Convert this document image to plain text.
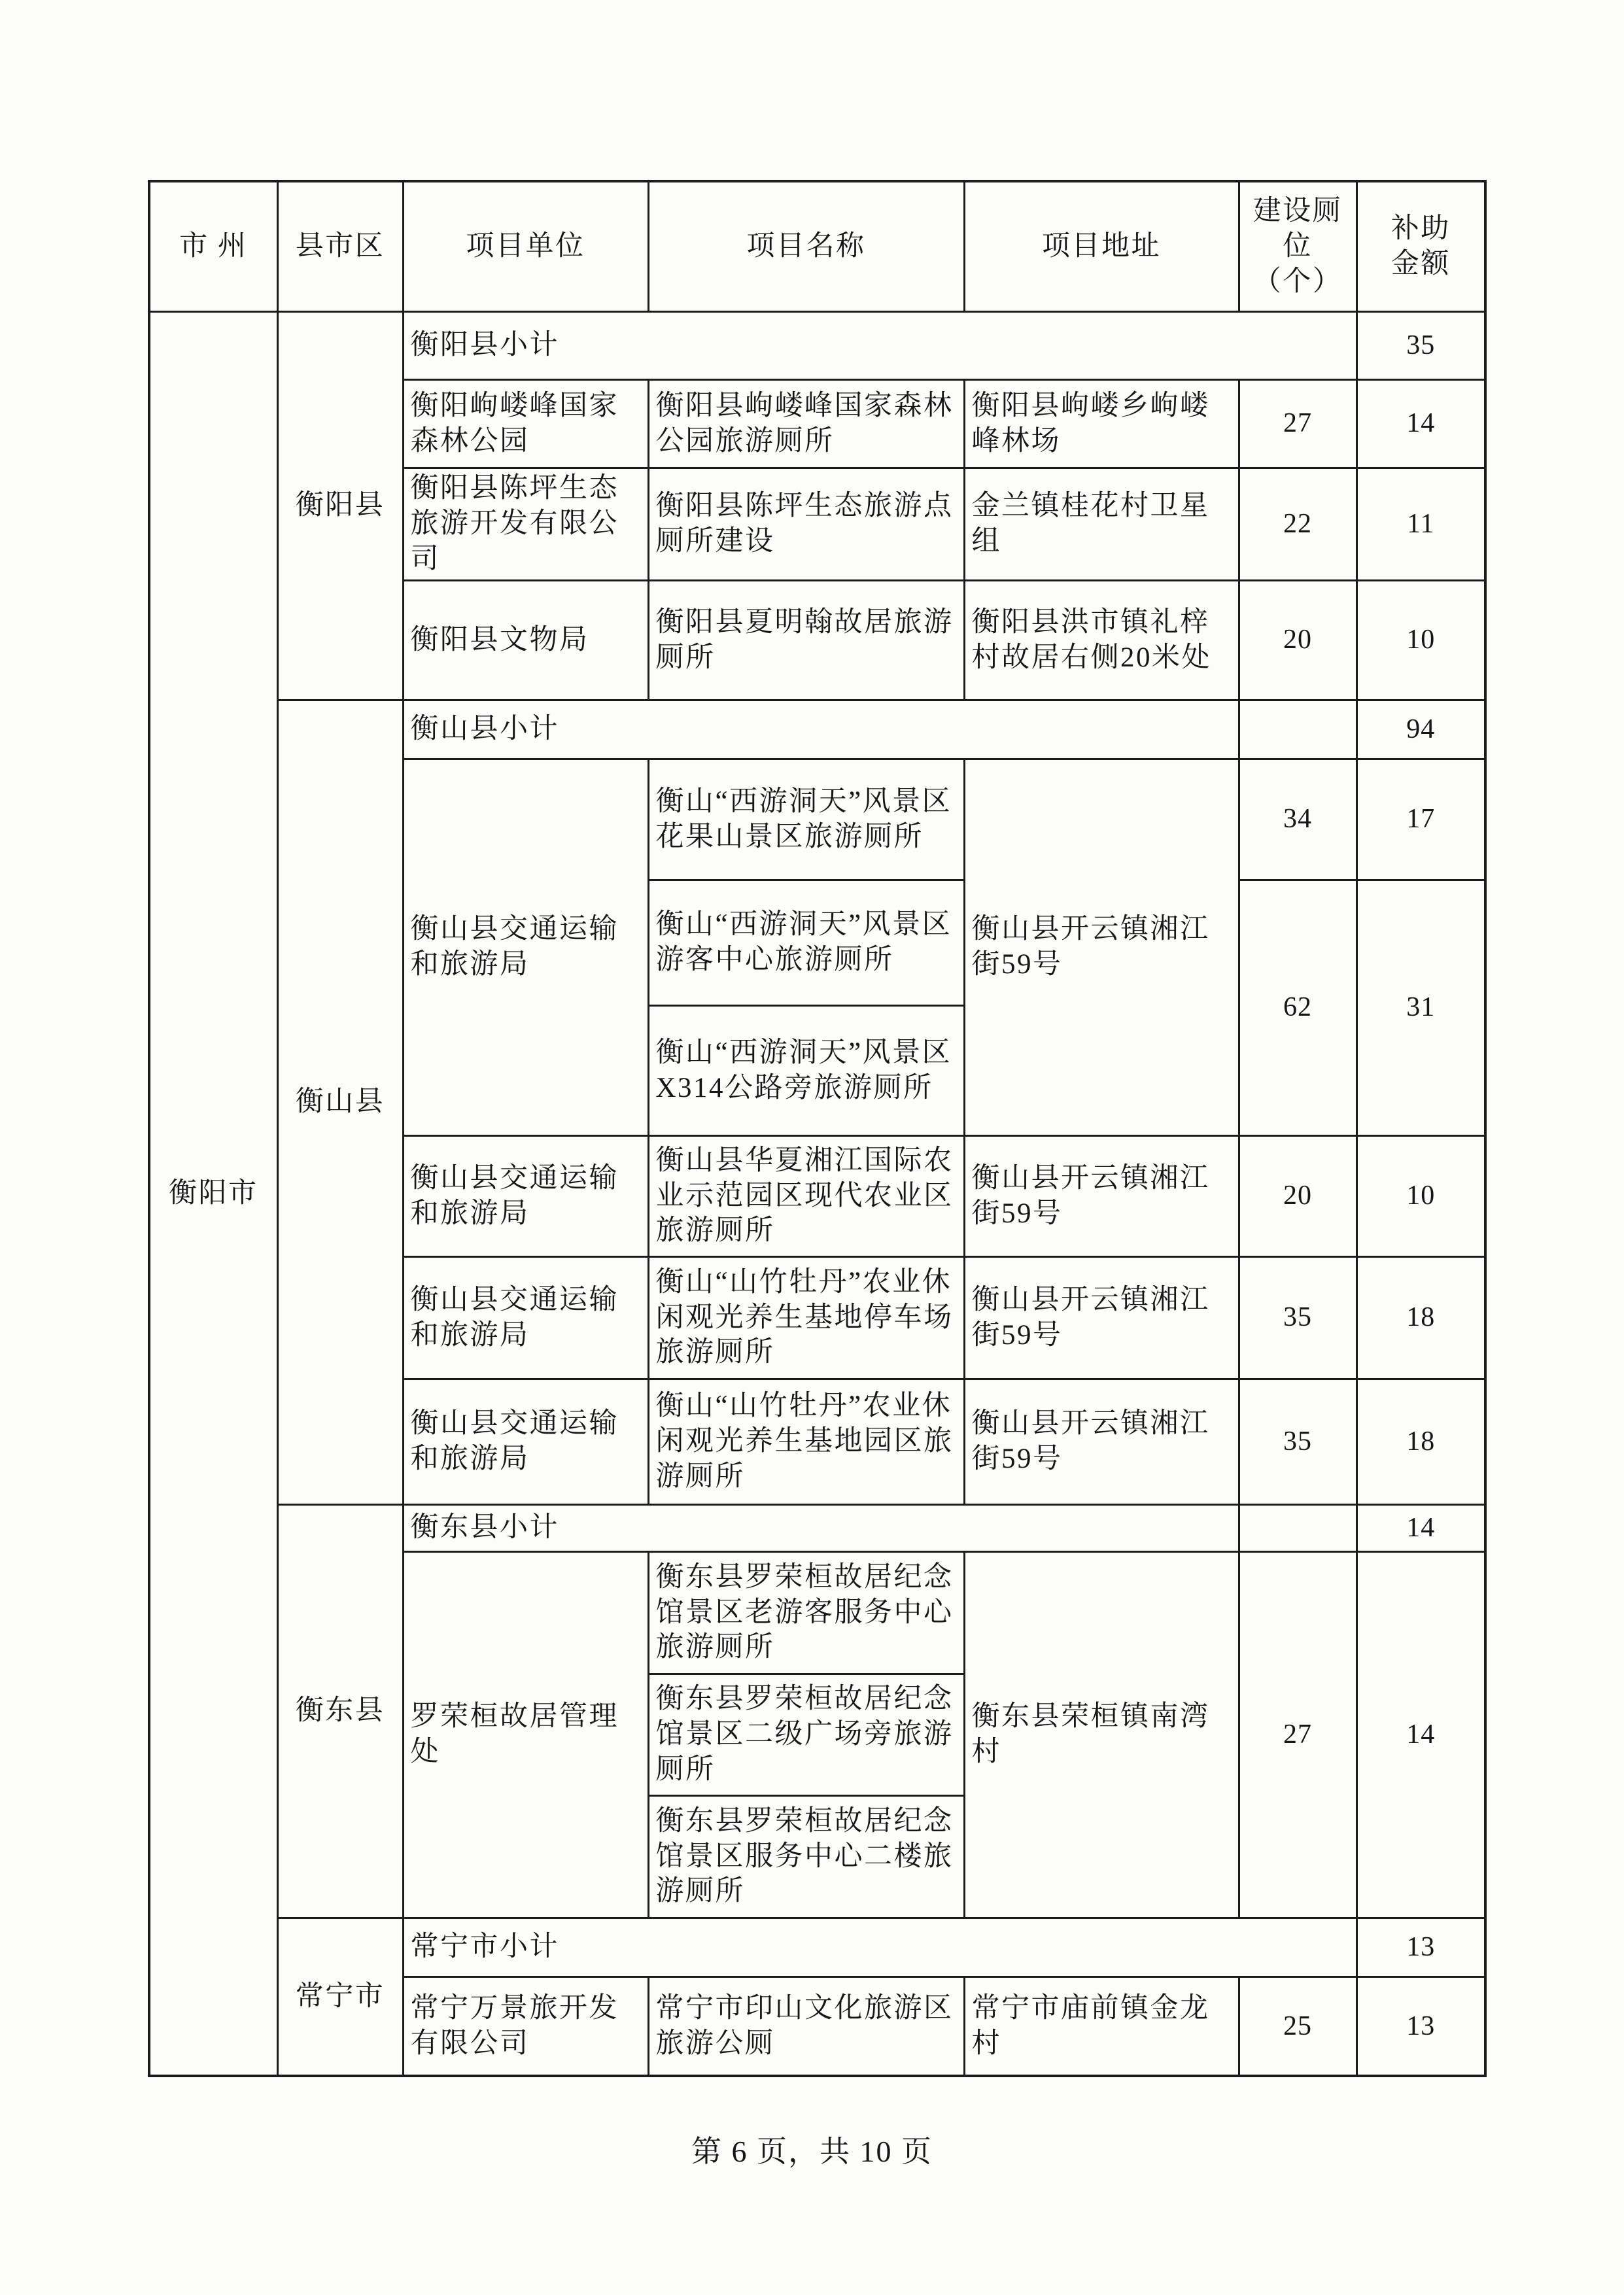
市 州	县市区	项目单位	项目名称	项目地址	建设厕位（个）	补助金额
衡阳市	衡阳县	衡阳县小计				35
		衡阳岣嵝峰国家森林公园	衡阳县岣嵝峰国家森林公园旅游厕所	衡阳县岣嵝乡岣嵝峰林场	27	14
		衡阳县陈坪生态旅游开发有限公司	衡阳县陈坪生态旅游点厕所建设	金兰镇桂花村卫星组	22	11
		衡阳县文物局	衡阳县夏明翰故居旅游厕所	衡阳县洪市镇礼梓村故居右侧20米处	20	10
	衡山县	衡山县小计				94
		衡山县交通运输和旅游局	衡山“西游洞天”风景区花果山景区旅游厕所	衡山县开云镇湘江街59号	34	17
			衡山“西游洞天”风景区游客中心旅游厕所		62	31
			衡山“西游洞天”风景区 X314公路旁旅游厕所			
		衡山县交通运输和旅游局	衡山县华夏湘江国际农业示范园区现代农业区旅游厕所	衡山县开云镇湘江街59号	20	10
		衡山县交通运输和旅游局	衡山“山竹牡丹”农业休闲观光养生基地停车场旅游厕所	衡山县开云镇湘江街59号	35	18
		衡山县交通运输和旅游局	衡山“山竹牡丹”农业休闲观光养生基地园区旅游厕所	衡山县开云镇湘江街59号	35	18
	衡东县	衡东县小计				14
		罗荣桓故居管理处	衡东县罗荣桓故居纪念馆景区老游客服务中心旅游厕所	衡东县荣桓镇南湾村	27	14
			衡东县罗荣桓故居纪念馆景区二级广场旁旅游厕所			
			衡东县罗荣桓故居纪念馆景区服务中心二楼旅游厕所			
	常宁市	常宁市小计				13
		常宁万景旅开发有限公司	常宁市印山文化旅游区旅游公厕	常宁市庙前镇金龙村	25	13
第 6 页，共 10 页
